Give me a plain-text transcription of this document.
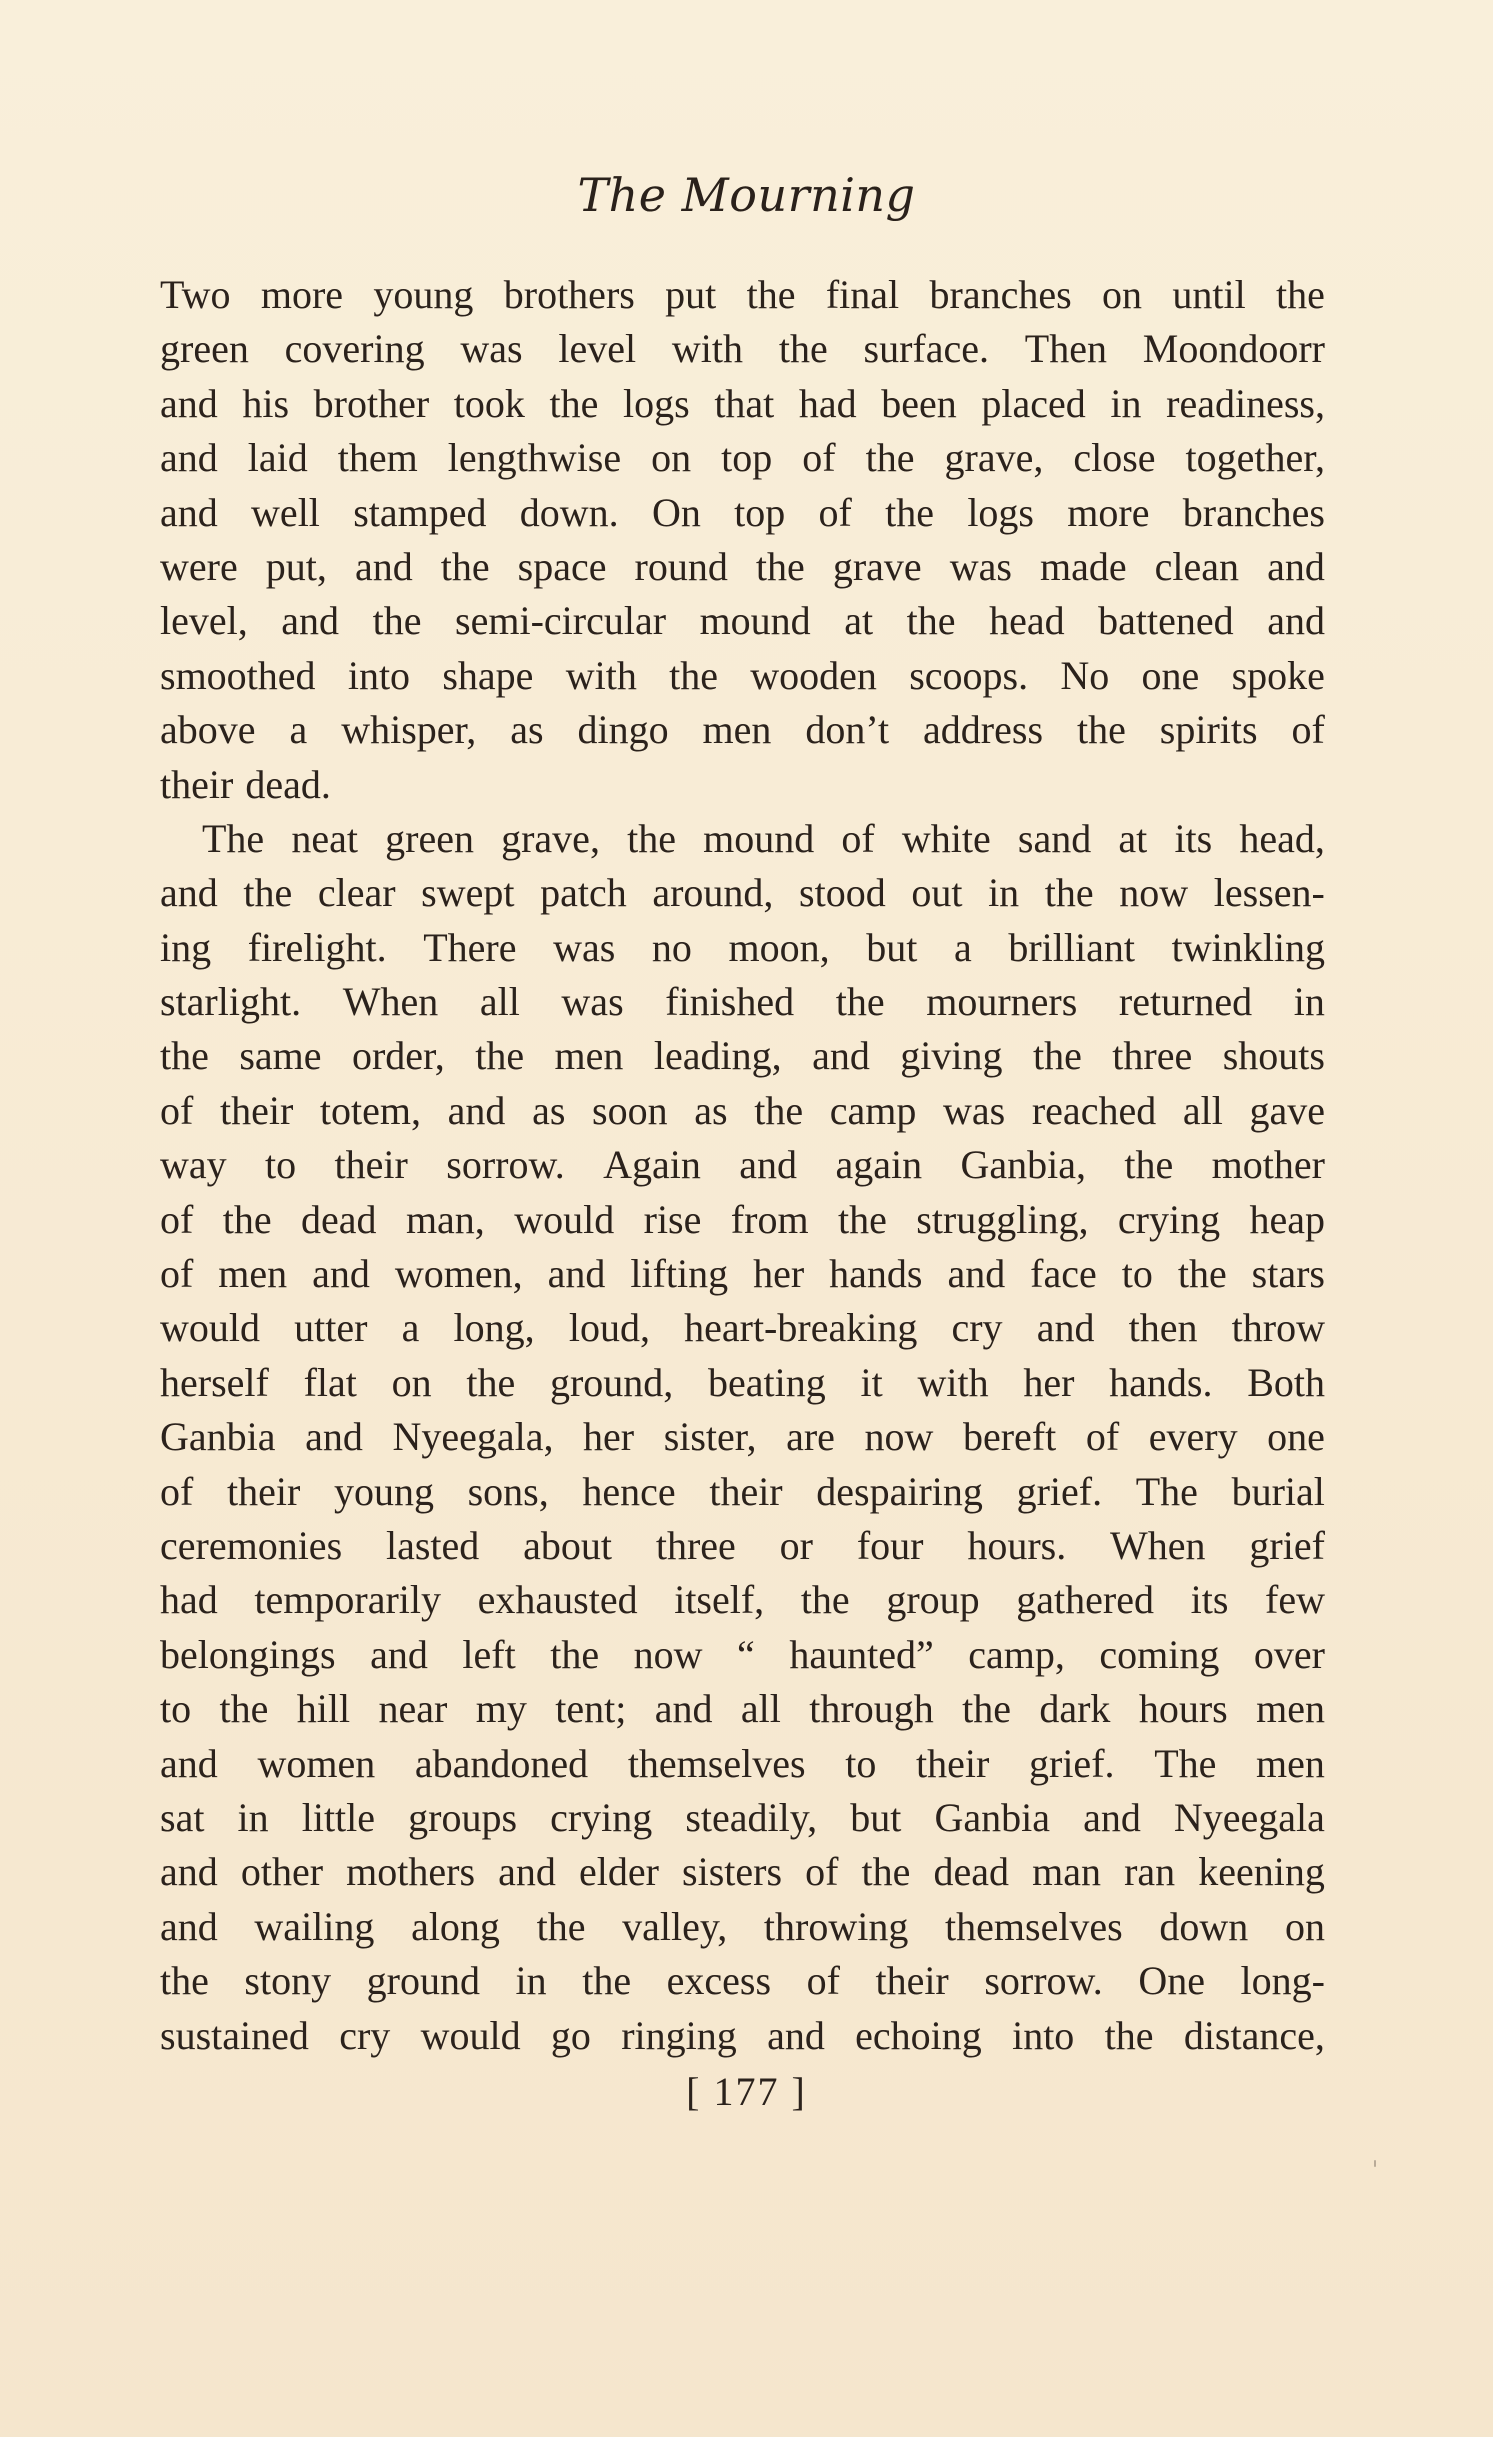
The Mourning
Two more young brothers put the final branches on until the
green covering was level with the surface. Then Moondoorr
and his brother took the logs that had been placed in readiness,
and laid them lengthwise on top of the grave, close together,
and well stamped down. On top of the logs more branches
were put, and the space round the grave was made clean and
level, and the semi-circular mound at the head battened and
smoothed into shape with the wooden scoops. No one spoke
above a whisper, as dingo men don’t address the spirits of
their dead.
The neat green grave, the mound of white sand at its head,
and the clear swept patch around, stood out in the now lessen-
ing firelight. There was no moon, but a brilliant twinkling
starlight. When all was finished the mourners returned in
the same order, the men leading, and giving the three shouts
of their totem, and as soon as the camp was reached all gave
way to their sorrow. Again and again Ganbia, the mother
of the dead man, would rise from the struggling, crying heap
of men and women, and lifting her hands and face to the stars
would utter a long, loud, heart-breaking cry and then throw
herself flat on the ground, beating it with her hands. Both
Ganbia and Nyeegala, her sister, are now bereft of every one
of their young sons, hence their despairing grief. The burial
ceremonies lasted about three or four hours. When grief
had temporarily exhausted itself, the group gathered its few
belongings and left the now “ haunted” camp, coming over
to the hill near my tent; and all through the dark hours men
and women abandoned themselves to their grief. The men
sat in little groups crying steadily, but Ganbia and Nyeegala
and other mothers and elder sisters of the dead man ran keening
and wailing along the valley, throwing themselves down on
the stony ground in the excess of their sorrow. One long-
sustained cry would go ringing and echoing into the distance,
[ 177 ]
